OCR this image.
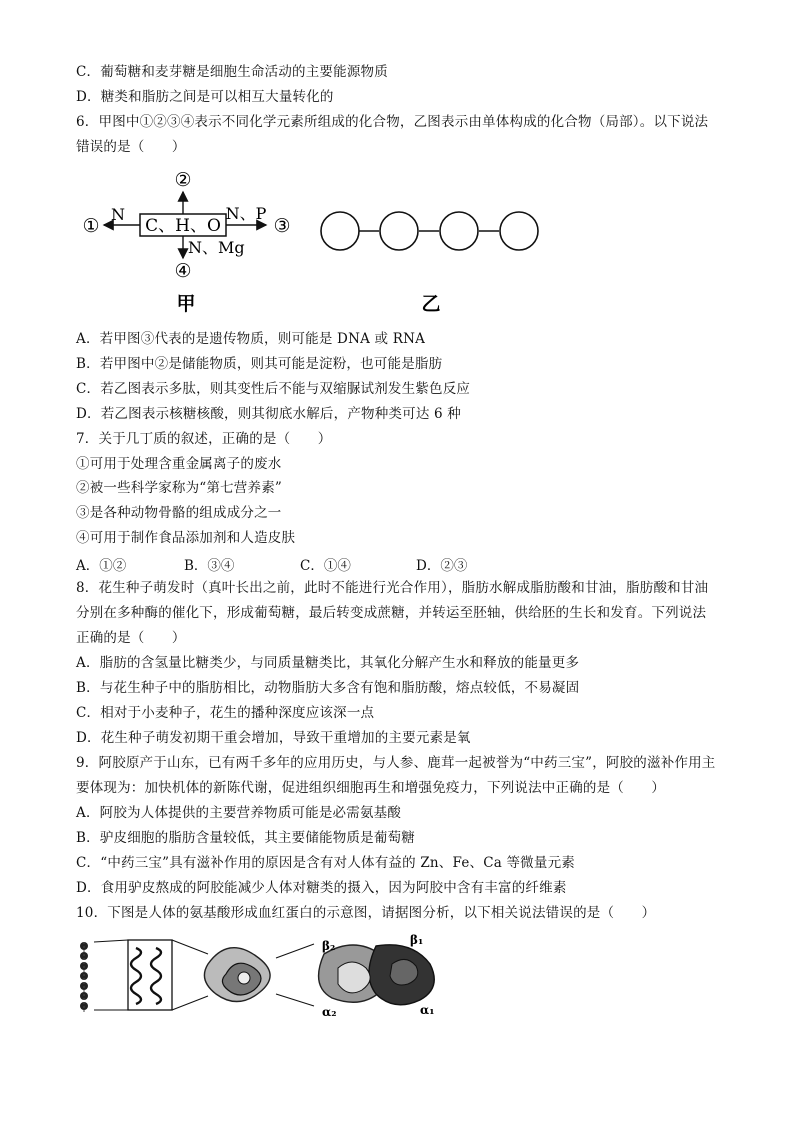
C．葡萄糖和麦芽糖是细胞生命活动的主要能源物质
D．糖类和脂肪之间是可以相互大量转化的
6．甲图中①②③④表示不同化学元素所组成的化合物，乙图表示由单体构成的化合物（局部）。以下说法
错误的是（　　）
C、H、O
②
N
①
N、P
③
N、Mg
④
甲	乙
A．若甲图③代表的是遗传物质，则可能是 DNA 或 RNA
B．若甲图中②是储能物质，则其可能是淀粉，也可能是脂肪
C．若乙图表示多肽，则其变性后不能与双缩脲试剂发生紫色反应
D．若乙图表示核糖核酸，则其彻底水解后，产物种类可达 6 种
7．关于几丁质的叙述，正确的是（　　）
①可用于处理含重金属离子的废水
②被一些科学家称为“第七营养素”
③是各种动物骨骼的组成成分之一
④可用于制作食品添加剂和人造皮肤
A．①②	B．③④	C．①④	D．②③
8．花生种子萌发时（真叶长出之前，此时不能进行光合作用），脂肪水解成脂肪酸和甘油，脂肪酸和甘油
分别在多种酶的催化下，形成葡萄糖，最后转变成蔗糖，并转运至胚轴，供给胚的生长和发育。下列说法
正确的是（　　）
A．脂肪的含氢量比糖类少，与同质量糖类比，其氧化分解产生水和释放的能量更多
B．与花生种子中的脂肪相比，动物脂肪大多含有饱和脂肪酸，熔点较低，不易凝固
C．相对于小麦种子，花生的播种深度应该深一点
D．花生种子萌发初期干重会增加，导致干重增加的主要元素是氧
9．阿胶原产于山东，已有两千多年的应用历史，与人参、鹿茸一起被誉为“中药三宝”，阿胶的滋补作用主
要体现为：加快机体的新陈代谢，促进组织细胞再生和增强免疫力，下列说法中正确的是（　　）
A．阿胶为人体提供的主要营养物质可能是必需氨基酸
B．驴皮细胞的脂肪含量较低，其主要储能物质是葡萄糖
C．“中药三宝”具有滋补作用的原因是含有对人体有益的 Zn、Fe、Ca 等微量元素
D．食用驴皮熬成的阿胶能减少人体对糖类的摄入，因为阿胶中含有丰富的纤维素
10．下图是人体的氨基酸形成血红蛋白的示意图，请据图分析，以下相关说法错误的是（　　）
β₂	β₁
α₂	α₁
